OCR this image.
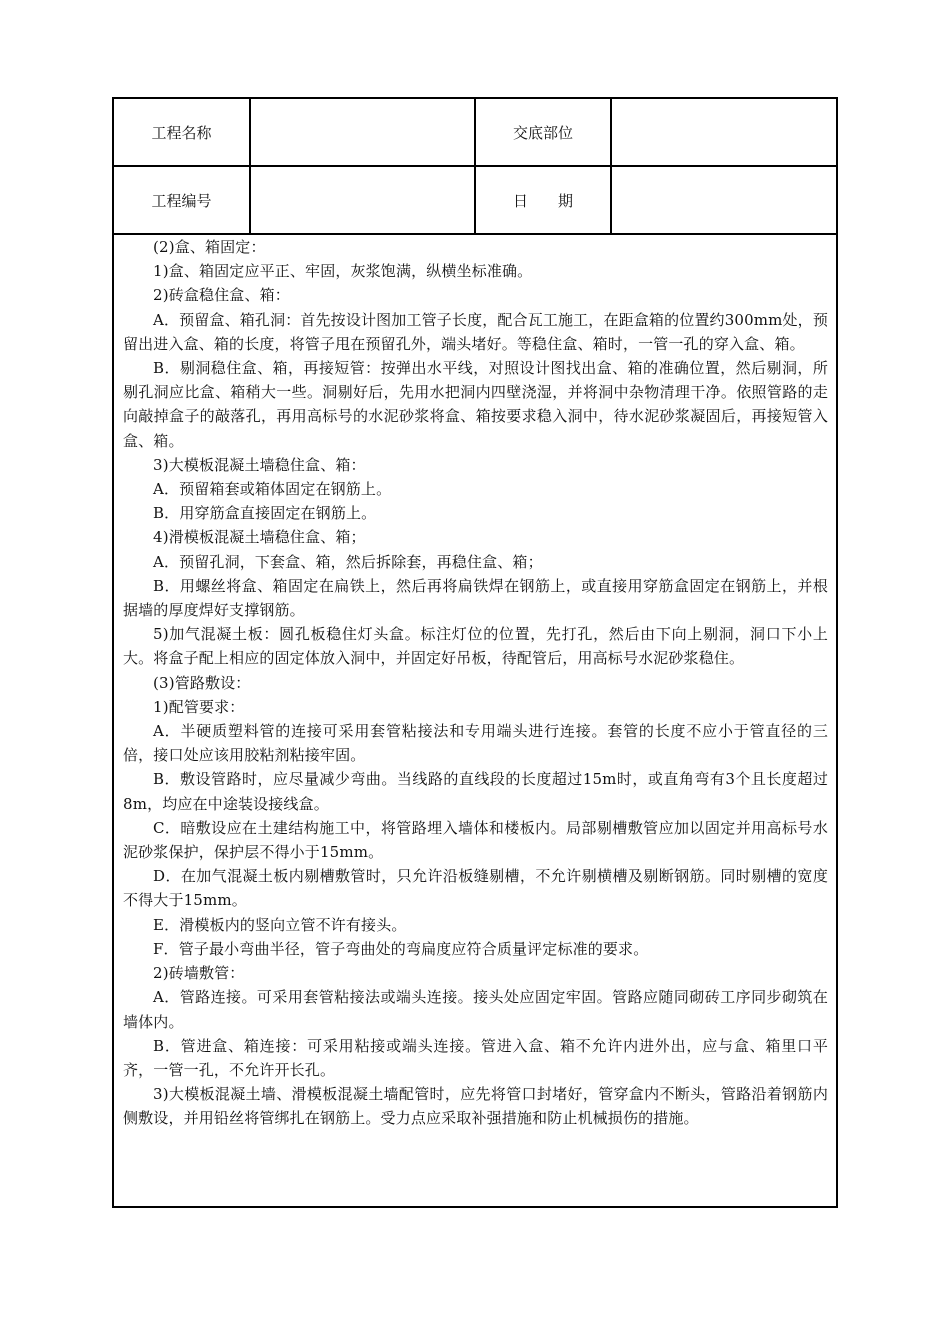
工程名称	交底部位
工程编号	日　　期

(2)盒、箱固定：

1)盒、箱固定应平正、牢固，灰浆饱满，纵横坐标准确。

2)砖盒稳住盒、箱：

A．预留盒、箱孔洞：首先按设计图加工管子长度，配合瓦工施工，在距盒箱的位置约300mm处，预留出进入盒、箱的长度，将管子甩在预留孔外，端头堵好。等稳住盒、箱时，一管一孔的穿入盒、箱。

B．剔洞稳住盒、箱，再接短管：按弹出水平线，对照设计图找出盒、箱的准确位置，然后剔洞，所剔孔洞应比盒、箱稍大一些。洞剔好后，先用水把洞内四壁浇湿，并将洞中杂物清理干净。依照管路的走向敲掉盒子的敲落孔，再用高标号的水泥砂浆将盒、箱按要求稳入洞中，待水泥砂浆凝固后，再接短管入盒、箱。

3)大模板混凝土墙稳住盒、箱：

A．预留箱套或箱体固定在钢筋上。

B．用穿筋盒直接固定在钢筋上。

4)滑模板混凝土墙稳住盒、箱；

A．预留孔洞，下套盒、箱，然后拆除套，再稳住盒、箱；

B．用螺丝将盒、箱固定在扁铁上，然后再将扁铁焊在钢筋上，或直接用穿筋盒固定在钢筋上，并根据墙的厚度焊好支撑钢筋。

5)加气混凝土板：圆孔板稳住灯头盒。标注灯位的位置，先打孔，然后由下向上剔洞，洞口下小上大。将盒子配上相应的固定体放入洞中，并固定好吊板，待配管后，用高标号水泥砂浆稳住。

(3)管路敷设：

1)配管要求：

A．半硬质塑料管的连接可采用套管粘接法和专用端头进行连接。套管的长度不应小于管直径的三倍，接口处应该用胶粘剂粘接牢固。

B．敷设管路时，应尽量减少弯曲。当线路的直线段的长度超过15m时，或直角弯有3个且长度超过8m，均应在中途装设接线盒。

C．暗敷设应在土建结构施工中，将管路埋入墙体和楼板内。局部剔槽敷管应加以固定并用高标号水泥砂浆保护，保护层不得小于15mm。

D．在加气混凝土板内剔槽敷管时，只允许沿板缝剔槽，不允许剔横槽及剔断钢筋。同时剔槽的宽度不得大于15mm。

E．滑模板内的竖向立管不许有接头。

F．管子最小弯曲半径，管子弯曲处的弯扁度应符合质量评定标准的要求。

2)砖墙敷管：

A．管路连接。可采用套管粘接法或端头连接。接头处应固定牢固。管路应随同砌砖工序同步砌筑在墙体内。

B．管进盒、箱连接：可采用粘接或端头连接。管进入盒、箱不允许内进外出，应与盒、箱里口平齐，一管一孔，不允许开长孔。

3)大模板混凝土墙、滑模板混凝土墙配管时，应先将管口封堵好，管穿盒内不断头，管路沿着钢筋内侧敷设，并用铅丝将管绑扎在钢筋上。受力点应采取补强措施和防止机械损伤的措施。
